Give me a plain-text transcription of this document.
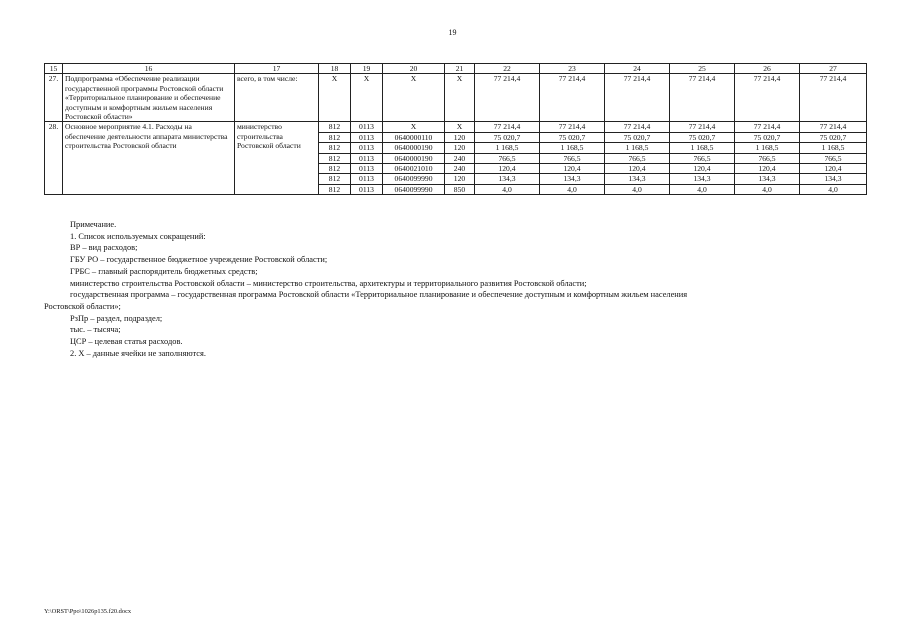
19
15	16	17	18	19	20	21	22	23	24	25	26	27
27.	Подпрограмма «Обеспечение реализации государственной программы Ростовской области «Территориальное планирование и обеспечение доступным и комфортным жильем населения Ростовской области»	всего, в том числе:	X	X	X	X	77 214,4	77 214,4	77 214,4	77 214,4	77 214,4	77 214,4
28.	Основное мероприятие 4.1. Расходы на обеспечение деятельности аппарата министерства строительства Ростовской области	министерство строительства Ростовской области	812	0113	X	X	77 214,4	77 214,4	77 214,4	77 214,4	77 214,4	77 214,4
			812	0113	0640000110	120	75 020,7	75 020,7	75 020,7	75 020,7	75 020,7	75 020,7
			812	0113	0640000190	120	1 168,5	1 168,5	1 168,5	1 168,5	1 168,5	1 168,5
			812	0113	0640000190	240	766,5	766,5	766,5	766,5	766,5	766,5
			812	0113	0640021010	240	120,4	120,4	120,4	120,4	120,4	120,4
			812	0113	0640099990	120	134,3	134,3	134,3	134,3	134,3	134,3
			812	0113	0640099990	850	4,0	4,0	4,0	4,0	4,0	4,0
Примечание.
1. Список используемых сокращений:
ВР – вид расходов;
ГБУ РО – государственное бюджетное учреждение Ростовской области;
ГРБС – главный распорядитель бюджетных средств;
министерство строительства Ростовской области – министерство строительства, архитектуры и территориального развития Ростовской области;
государственная программа – государственная программа Ростовской области «Территориальное планирование и обеспечение доступным и комфортным жильем населения
Ростовской области»;
РзПр – раздел, подраздел;
тыс. – тысяча;
ЦСР – целевая статья расходов.
2. Х – данные ячейки не заполняются.
Y:\ORST\Ppo\1026p135.f20.docx
